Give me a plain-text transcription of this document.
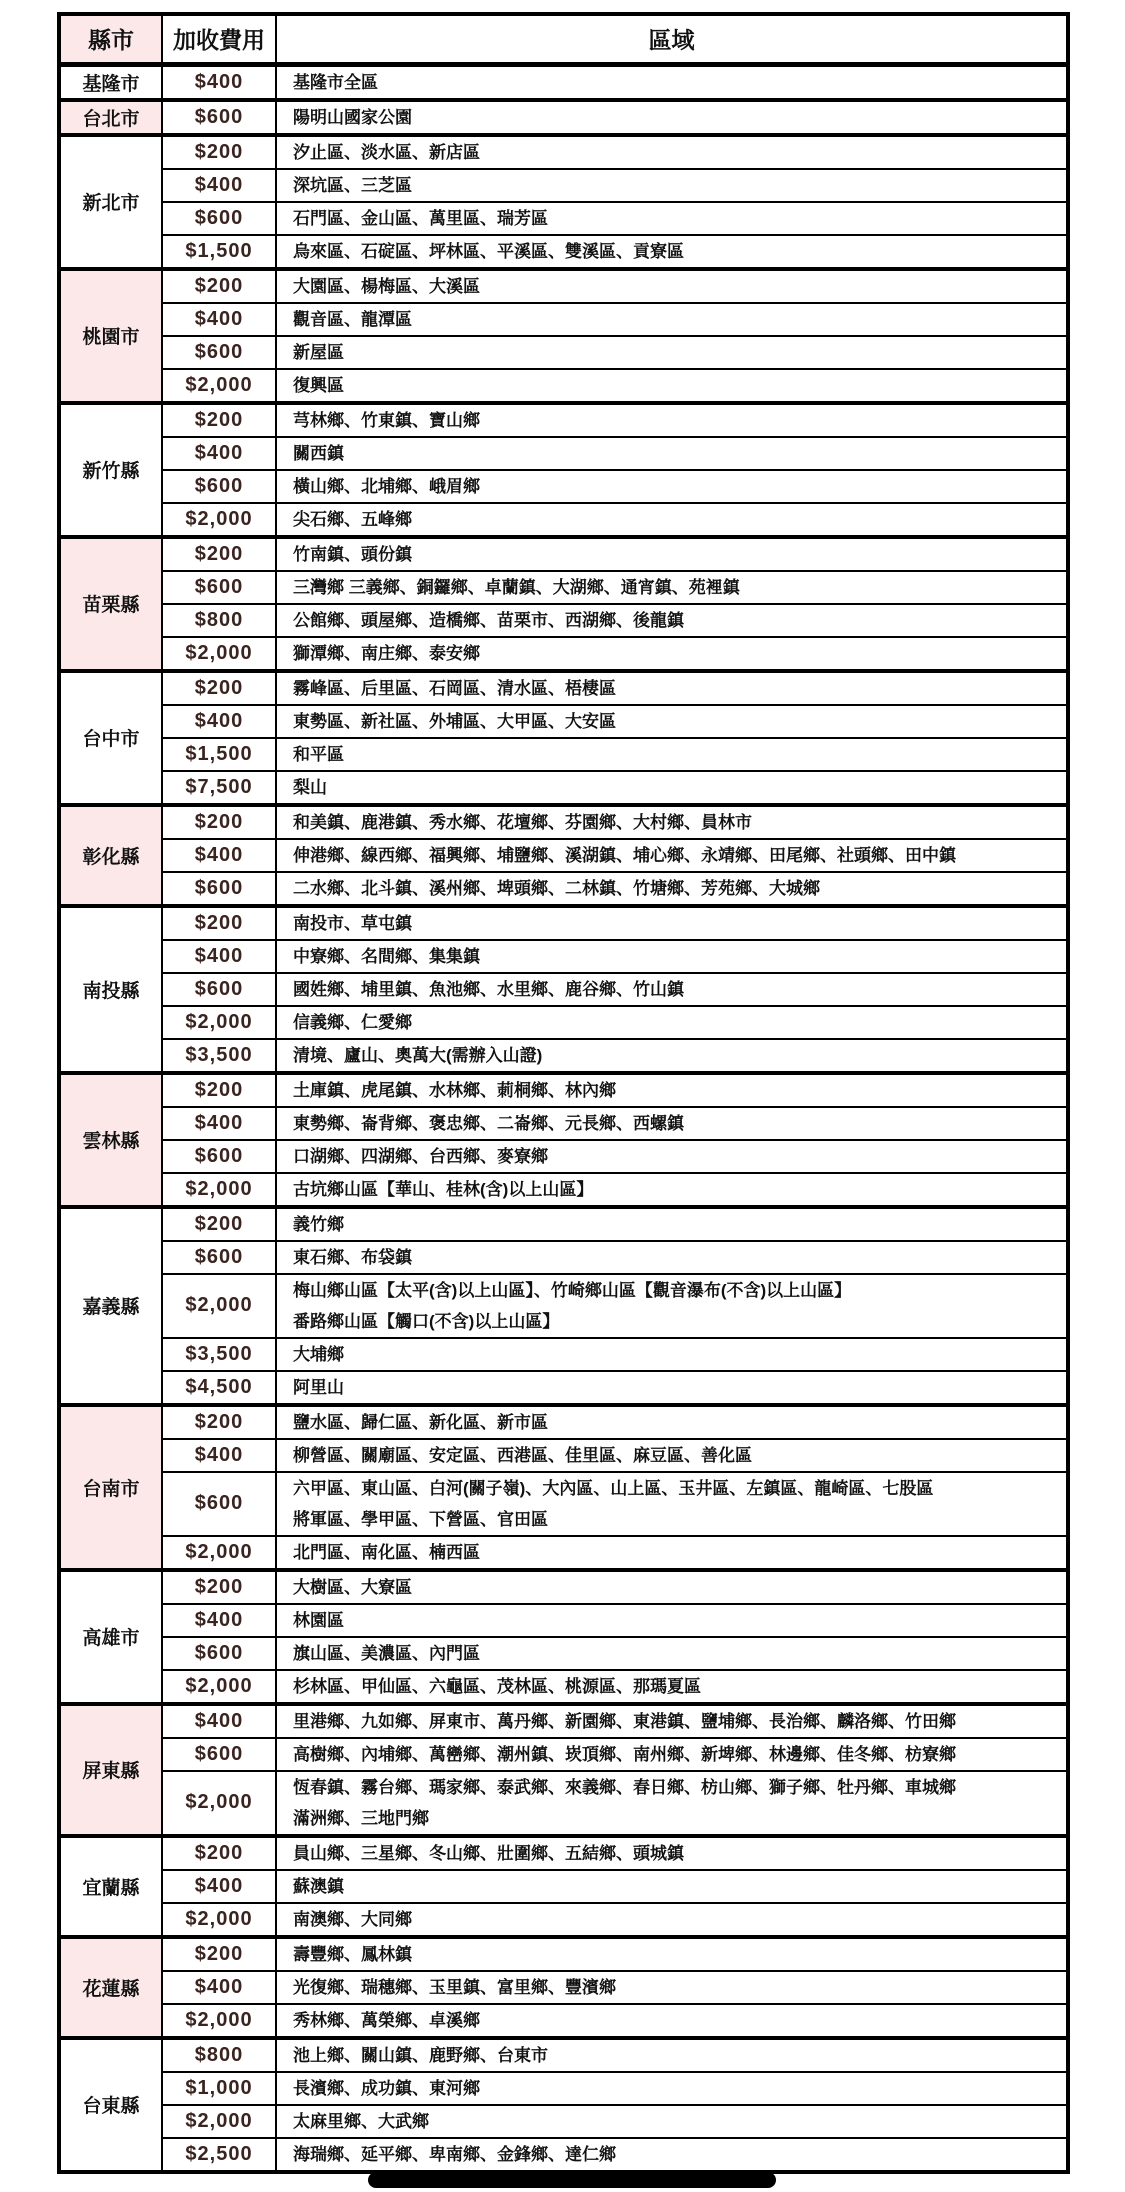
縣市	加收費用	區域
基隆市	$400	基隆市全區

台北市	$600	陽明山國家公園

新北市	$200	汐止區、淡水區、新店區

	$400	深坑區、三芝區

	$600	石門區、金山區、萬里區、瑞芳區

	$1,500	烏來區、石碇區、坪林區、平溪區、雙溪區、貢寮區

桃園市	$200	大園區、楊梅區、大溪區

	$400	觀音區、龍潭區

	$600	新屋區

	$2,000	復興區

新竹縣	$200	芎林鄉、竹東鎮、寶山鄉

	$400	關西鎮

	$600	橫山鄉、北埔鄉、峨眉鄉

	$2,000	尖石鄉、五峰鄉

苗栗縣	$200	竹南鎮、頭份鎮

	$600	三灣鄉 三義鄉、銅鑼鄉、卓蘭鎮、大湖鄉、通宵鎮、苑裡鎮

	$800	公館鄉、頭屋鄉、造橋鄉、苗栗市、西湖鄉、後龍鎮

	$2,000	獅潭鄉、南庄鄉、泰安鄉

台中市	$200	霧峰區、后里區、石岡區、清水區、梧棲區

	$400	東勢區、新社區、外埔區、大甲區、大安區

	$1,500	和平區

	$7,500	梨山

彰化縣	$200	和美鎮、鹿港鎮、秀水鄉、花壇鄉、芬園鄉、大村鄉、員林市

	$400	伸港鄉、線西鄉、福興鄉、埔鹽鄉、溪湖鎮、埔心鄉、永靖鄉、田尾鄉、社頭鄉、田中鎮

	$600	二水鄉、北斗鎮、溪州鄉、埤頭鄉、二林鎮、竹塘鄉、芳苑鄉、大城鄉

南投縣	$200	南投市、草屯鎮

	$400	中寮鄉、名間鄉、集集鎮

	$600	國姓鄉、埔里鎮、魚池鄉、水里鄉、鹿谷鄉、竹山鎮

	$2,000	信義鄉、仁愛鄉

	$3,500	清境、廬山、奧萬大(需辦入山證)

雲林縣	$200	土庫鎮、虎尾鎮、水林鄉、莿桐鄉、林內鄉

	$400	東勢鄉、崙背鄉、褒忠鄉、二崙鄉、元長鄉、西螺鎮

	$600	口湖鄉、四湖鄉、台西鄉、麥寮鄉

	$2,000	古坑鄉山區【華山、桂林(含)以上山區】

嘉義縣	$200	義竹鄉

	$600	東石鄉、布袋鎮

	$2,000	梅山鄉山區【太平(含)以上山區】、竹崎鄉山區【觀音瀑布(不含)以上山區】
番路鄉山區【觸口(不含)以上山區】

	$3,500	大埔鄉

	$4,500	阿里山

台南市	$200	鹽水區、歸仁區、新化區、新市區

	$400	柳營區、關廟區、安定區、西港區、佳里區、麻豆區、善化區

	$600	六甲區、東山區、白河(關子嶺)、大內區、山上區、玉井區、左鎮區、龍崎區、七股區
將軍區、學甲區、下營區、官田區

	$2,000	北門區、南化區、楠西區

高雄市	$200	大樹區、大寮區

	$400	林園區

	$600	旗山區、美濃區、內門區

	$2,000	杉林區、甲仙區、六龜區、茂林區、桃源區、那瑪夏區

屏東縣	$400	里港鄉、九如鄉、屏東市、萬丹鄉、新園鄉、東港鎮、鹽埔鄉、長治鄉、麟洛鄉、竹田鄉

	$600	高樹鄉、內埔鄉、萬巒鄉、潮州鎮、崁頂鄉、南州鄉、新埤鄉、林邊鄉、佳冬鄉、枋寮鄉

	$2,000	恆春鎮、霧台鄉、瑪家鄉、泰武鄉、來義鄉、春日鄉、枋山鄉、獅子鄉、牡丹鄉、車城鄉
滿洲鄉、三地門鄉

宜蘭縣	$200	員山鄉、三星鄉、冬山鄉、壯圍鄉、五結鄉、頭城鎮

	$400	蘇澳鎮

	$2,000	南澳鄉、大同鄉

花蓮縣	$200	壽豐鄉、鳳林鎮

	$400	光復鄉、瑞穗鄉、玉里鎮、富里鄉、豐濱鄉

	$2,000	秀林鄉、萬榮鄉、卓溪鄉

台東縣	$800	池上鄉、關山鎮、鹿野鄉、台東市

	$1,000	長濱鄉、成功鎮、東河鄉

	$2,000	太麻里鄉、大武鄉

	$2,500	海瑞鄉、延平鄉、卑南鄉、金鋒鄉、達仁鄉
